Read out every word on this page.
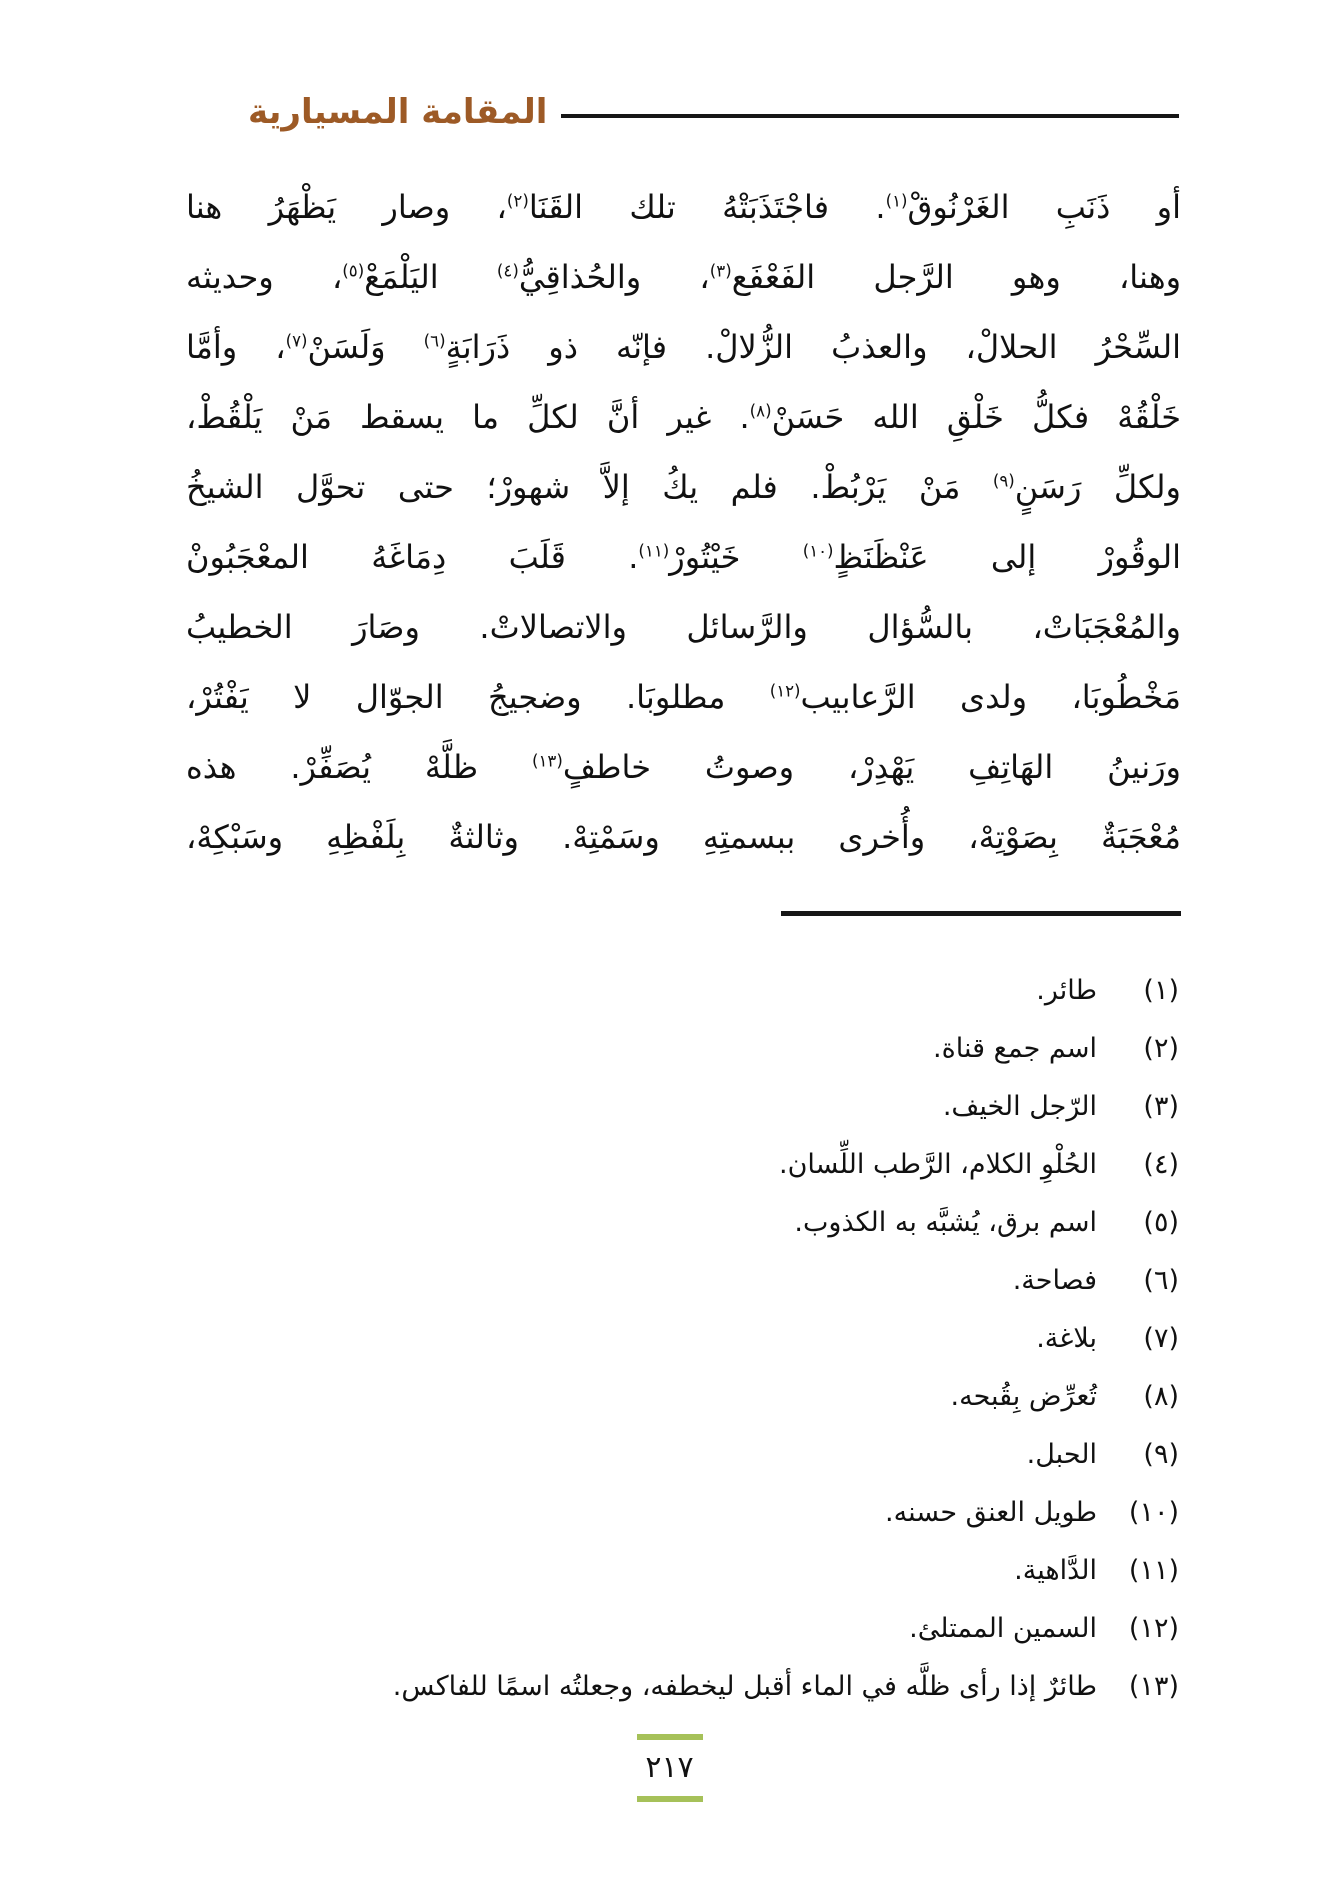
المقامة المسيارية
أو ذَنَبِ الغَرْنُوقْ$^{(١)}$. فاجْتَذَبَتْهُ تلك القَنَا$^{(٢)}$، وصار يَظْهَرُ هنا
وهنا، وهو الرَّجل الفَعْفَع$^{(٣)}$، والحُذاقِيُّ$^{(٤)}$ اليَلْمَعْ$^{(٥)}$، وحديثه
السِّحْرُ الحلالْ، والعذبُ الزُّلالْ. فإنّه ذو ذَرَابَةٍ$^{(٦)}$ وَلَسَنْ$^{(٧)}$، وأمَّا
خَلْقُهْ فكلُّ خَلْقِ الله حَسَنْ$^{(٨)}$. غير أنَّ لكلِّ ما يسقط مَنْ يَلْقُطْ،
ولكلِّ رَسَنٍ$^{(٩)}$ مَنْ يَرْبُطْ. فلم يكُ إلاَّ شهورْ؛ حتى تحوَّل الشيخُ
الوقُورْ إلى عَنْظَنَظٍ$^{(١٠)}$ خَيْتُورْ$^{(١١)}$. قَلَبَ دِمَاغَهُ المعْجَبُونْ
والمُعْجَبَاتْ، بالسُّؤال والرَّسائل والاتصالاتْ. وصَارَ الخطيبُ
مَخْطُوبَا، ولدى الرَّعابيب$^{(١٢)}$ مطلوبَا. وضجيجُ الجوّال لا يَفْتُرْ،
ورَنينُ الهَاتِفِ يَهْدِرْ، وصوتُ خاطفٍ$^{(١٣)}$ ظلَّهْ يُصَفِّرْ. هذه
مُعْجَبَةٌ بِصَوْتِهْ، وأُخرى ببسمتِهِ وسَمْتِهْ. وثالثةٌ بِلَفْظِهِ وسَبْكِهْ،
(١)
طائر.
(٢)
اسم جمع قناة.
(٣)
الرّجل الخيف.
(٤)
الحُلْوِ الكلام، الرَّطب اللِّسان.
(٥)
اسم برق، يُشبَّه به الكذوب.
(٦)
فصاحة.
(٧)
بلاغة.
(٨)
تُعرِّض بِقُبحه.
(٩)
الحبل.
(١٠)
طويل العنق حسنه.
(١١)
الدَّاهية.
(١٢)
السمين الممتلئ.
(١٣)
طائرٌ إذا رأى ظلَّه في الماء أقبل ليخطفه، وجعلتُه اسمًا للفاكس.
٢١٧
